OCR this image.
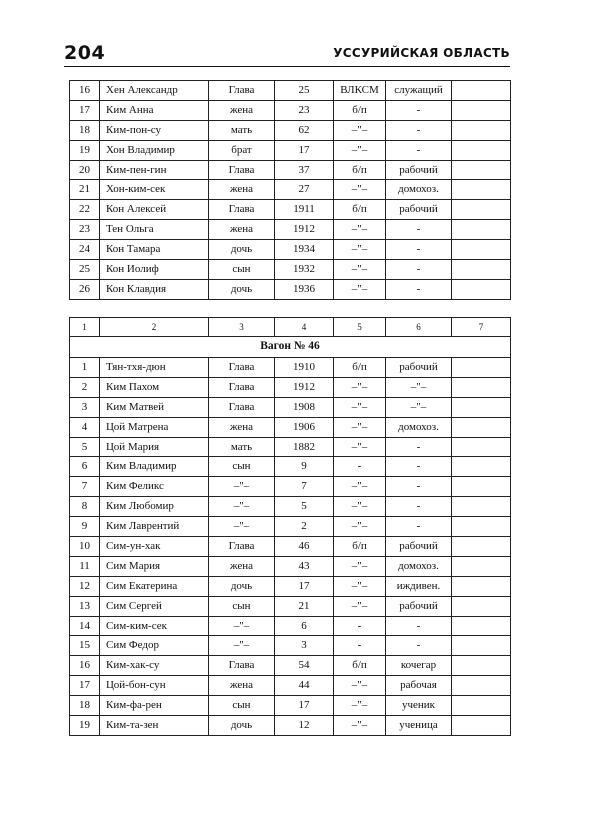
204	УССУРИЙСКАЯ ОБЛАСТЬ
16	Хен Александр	Глава	25	ВЛКСМ	служащий	
17	Ким Анна	жена	23	б/п	-	
18	Ким-пон-су	мать	62	–"–	-	
19	Хон Владимир	брат	17	–"–	-	
20	Ким-пен-гин	Глава	37	б/п	рабочий	
21	Хон-ким-сек	жена	27	–"–	домохоз.	
22	Кон Алексей	Глава	1911	б/п	рабочий	
23	Тен Ольга	жена	1912	–"–	-	
24	Кон Тамара	дочь	1934	–"–	-	
25	Кон Иолиф	сын	1932	–"–	-	
26	Кон Клавдия	дочь	1936	–"–	-	
1	2	3	4	5	6	7
Вагон № 46						
1	Тян-тхя-дюн	Глава	1910	б/п	рабочий	
2	Ким Пахом	Глава	1912	–"–	–"–	
3	Ким Матвей	Глава	1908	–"–	–"–	
4	Цой Матрена	жена	1906	–"–	домохоз.	
5	Цой Мария	мать	1882	–"–	-	
6	Ким Владимир	сын	9	-	-	
7	Ким Феликс	–"–	7	–"–	-	
8	Ким Любомир	–"–	5	–"–	-	
9	Ким Лаврентий	–"–	2	–"–	-	
10	Сим-ун-хак	Глава	46	б/п	рабочий	
11	Сим Мария	жена	43	–"–	домохоз.	
12	Сим Екатерина	дочь	17	–"–	иждивен.	
13	Сим Сергей	сын	21	–"–	рабочий	
14	Сим-ким-сек	–"–	6	-	-	
15	Сим Федор	–"–	3	-	-	
16	Ким-хак-су	Глава	54	б/п	кочегар	
17	Цой-бон-сун	жена	44	–"–	рабочая	
18	Ким-фа-рен	сын	17	–"–	ученик	
19	Ким-та-зен	дочь	12	–"–	ученица	
